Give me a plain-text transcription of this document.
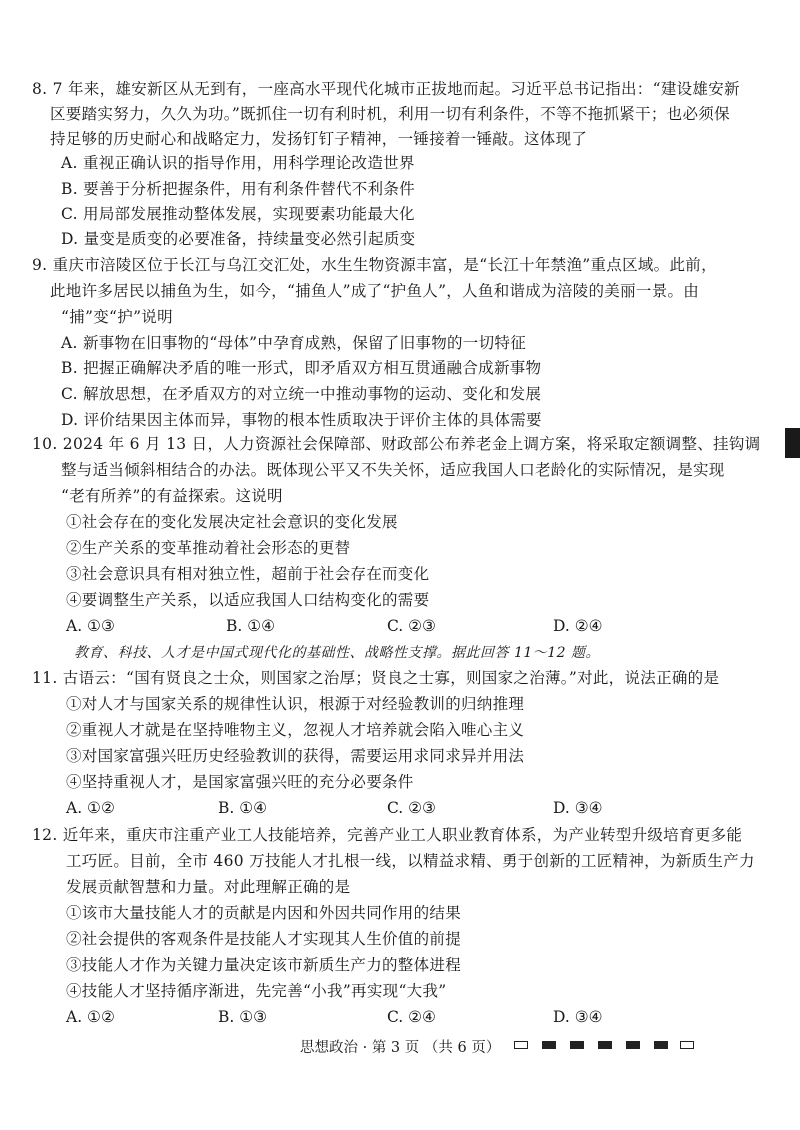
8. 7 年来，雄安新区从无到有，一座高水平现代化城市正拔地而起。习近平总书记指出：“建设雄安新
区要踏实努力，久久为功。”既抓住一切有利时机，利用一切有利条件，不等不拖抓紧干；也必须保
持足够的历史耐心和战略定力，发扬钉钉子精神，一锤接着一锤敲。这体现了
A. 重视正确认识的指导作用，用科学理论改造世界
B. 要善于分析把握条件，用有利条件替代不利条件
C. 用局部发展推动整体发展，实现要素功能最大化
D. 量变是质变的必要准备，持续量变必然引起质变
9. 重庆市涪陵区位于长江与乌江交汇处，水生生物资源丰富，是“长江十年禁渔”重点区域。此前，
此地许多居民以捕鱼为生，如今，“捕鱼人”成了“护鱼人”，人鱼和谐成为涪陵的美丽一景。由
“捕”变“护”说明
A. 新事物在旧事物的“母体”中孕育成熟，保留了旧事物的一切特征
B. 把握正确解决矛盾的唯一形式，即矛盾双方相互贯通融合成新事物
C. 解放思想，在矛盾双方的对立统一中推动事物的运动、变化和发展
D. 评价结果因主体而异，事物的根本性质取决于评价主体的具体需要
10. 2024 年 6 月 13 日，人力资源社会保障部、财政部公布养老金上调方案，将采取定额调整、挂钩调
整与适当倾斜相结合的办法。既体现公平又不失关怀，适应我国人口老龄化的实际情况，是实现
“老有所养”的有益探索。这说明
①社会存在的变化发展决定社会意识的变化发展
②生产关系的变革推动着社会形态的更替
③社会意识具有相对独立性，超前于社会存在而变化
④要调整生产关系，以适应我国人口结构变化的需要
A. ①③	B. ①④	C. ②③	D. ②④
教育、科技、人才是中国式现代化的基础性、战略性支撑。据此回答 11～12 题。
11. 古语云：“国有贤良之士众，则国家之治厚；贤良之士寡，则国家之治薄。”对此，说法正确的是
①对人才与国家关系的规律性认识，根源于对经验教训的归纳推理
②重视人才就是在坚持唯物主义，忽视人才培养就会陷入唯心主义
③对国家富强兴旺历史经验教训的获得，需要运用求同求异并用法
④坚持重视人才，是国家富强兴旺的充分必要条件
A. ①②	B. ①④	C. ②③	D. ③④
12. 近年来，重庆市注重产业工人技能培养，完善产业工人职业教育体系，为产业转型升级培育更多能
工巧匠。目前，全市 460 万技能人才扎根一线，以精益求精、勇于创新的工匠精神，为新质生产力
发展贡献智慧和力量。对此理解正确的是
①该市大量技能人才的贡献是内因和外因共同作用的结果
②社会提供的客观条件是技能人才实现其人生价值的前提
③技能人才作为关键力量决定该市新质生产力的整体进程
④技能人才坚持循序渐进，先完善“小我”再实现“大我”
A. ①②	B. ①③	C. ②④	D. ③④
思想政治 · 第 3 页 （共 6 页）
